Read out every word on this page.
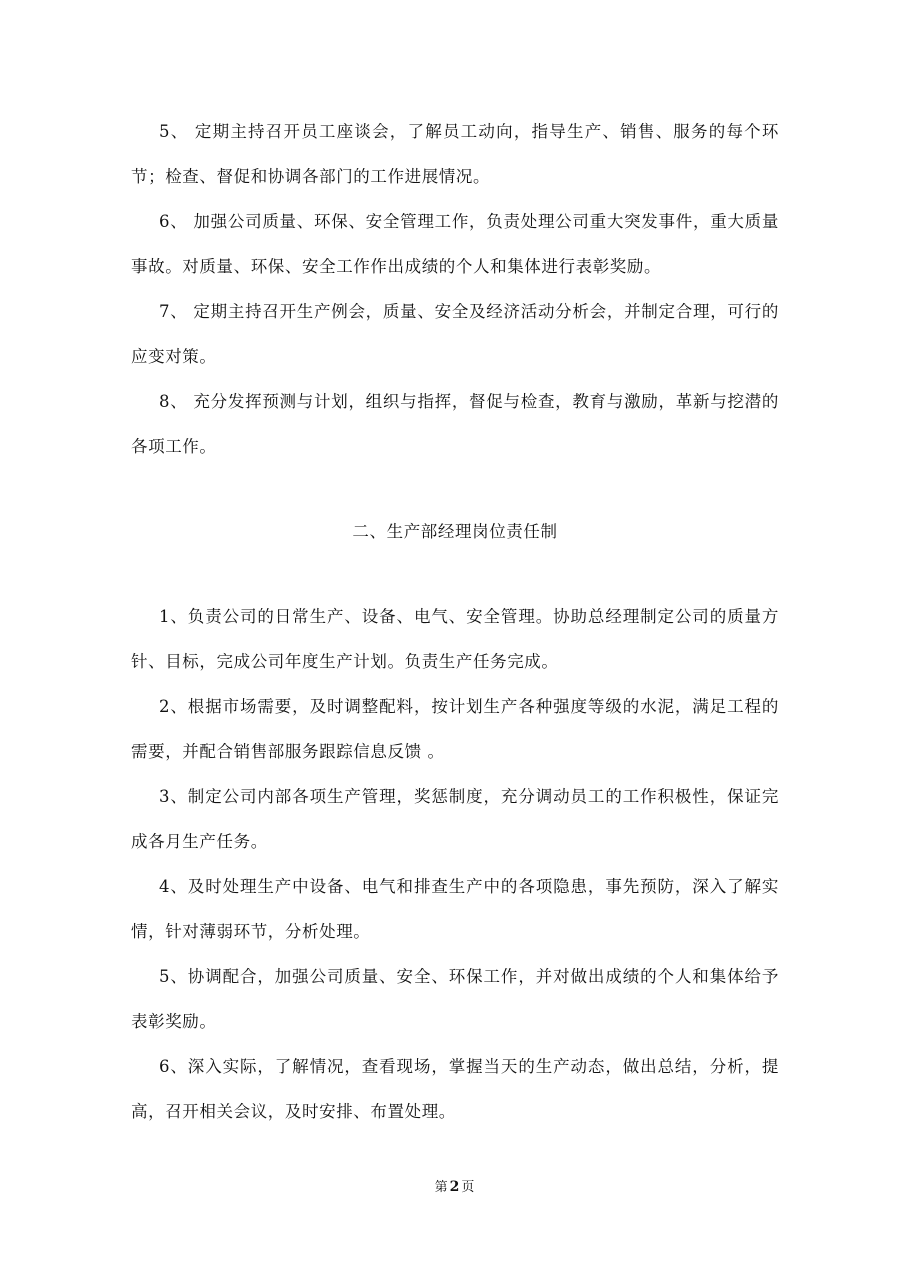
5、 定期主持召开员工座谈会，了解员工动向，指导生产、销售、服务的每个环节；检查、督促和协调各部门的工作进展情况。

6、 加强公司质量、环保、安全管理工作，负责处理公司重大突发事件，重大质量事故。对质量、环保、安全工作作出成绩的个人和集体进行表彰奖励。

7、 定期主持召开生产例会，质量、安全及经济活动分析会，并制定合理，可行的应变对策。

8、 充分发挥预测与计划，组织与指挥，督促与检查，教育与激励，革新与挖潜的各项工作。

二、生产部经理岗位责任制

1、负责公司的日常生产、设备、电气、安全管理。协助总经理制定公司的质量方针、目标，完成公司年度生产计划。负责生产任务完成。

2、根据市场需要，及时调整配料，按计划生产各种强度等级的水泥，满足工程的需要，并配合销售部服务跟踪信息反馈 。

3、制定公司内部各项生产管理，奖惩制度，充分调动员工的工作积极性，保证完成各月生产任务。

4、及时处理生产中设备、电气和排查生产中的各项隐患，事先预防，深入了解实情，针对薄弱环节，分析处理。

5、协调配合，加强公司质量、安全、环保工作，并对做出成绩的个人和集体给予表彰奖励。

6、深入实际，了解情况，查看现场，掌握当天的生产动态，做出总结，分析，提高，召开相关会议，及时安排、布置处理。

第 2 页
